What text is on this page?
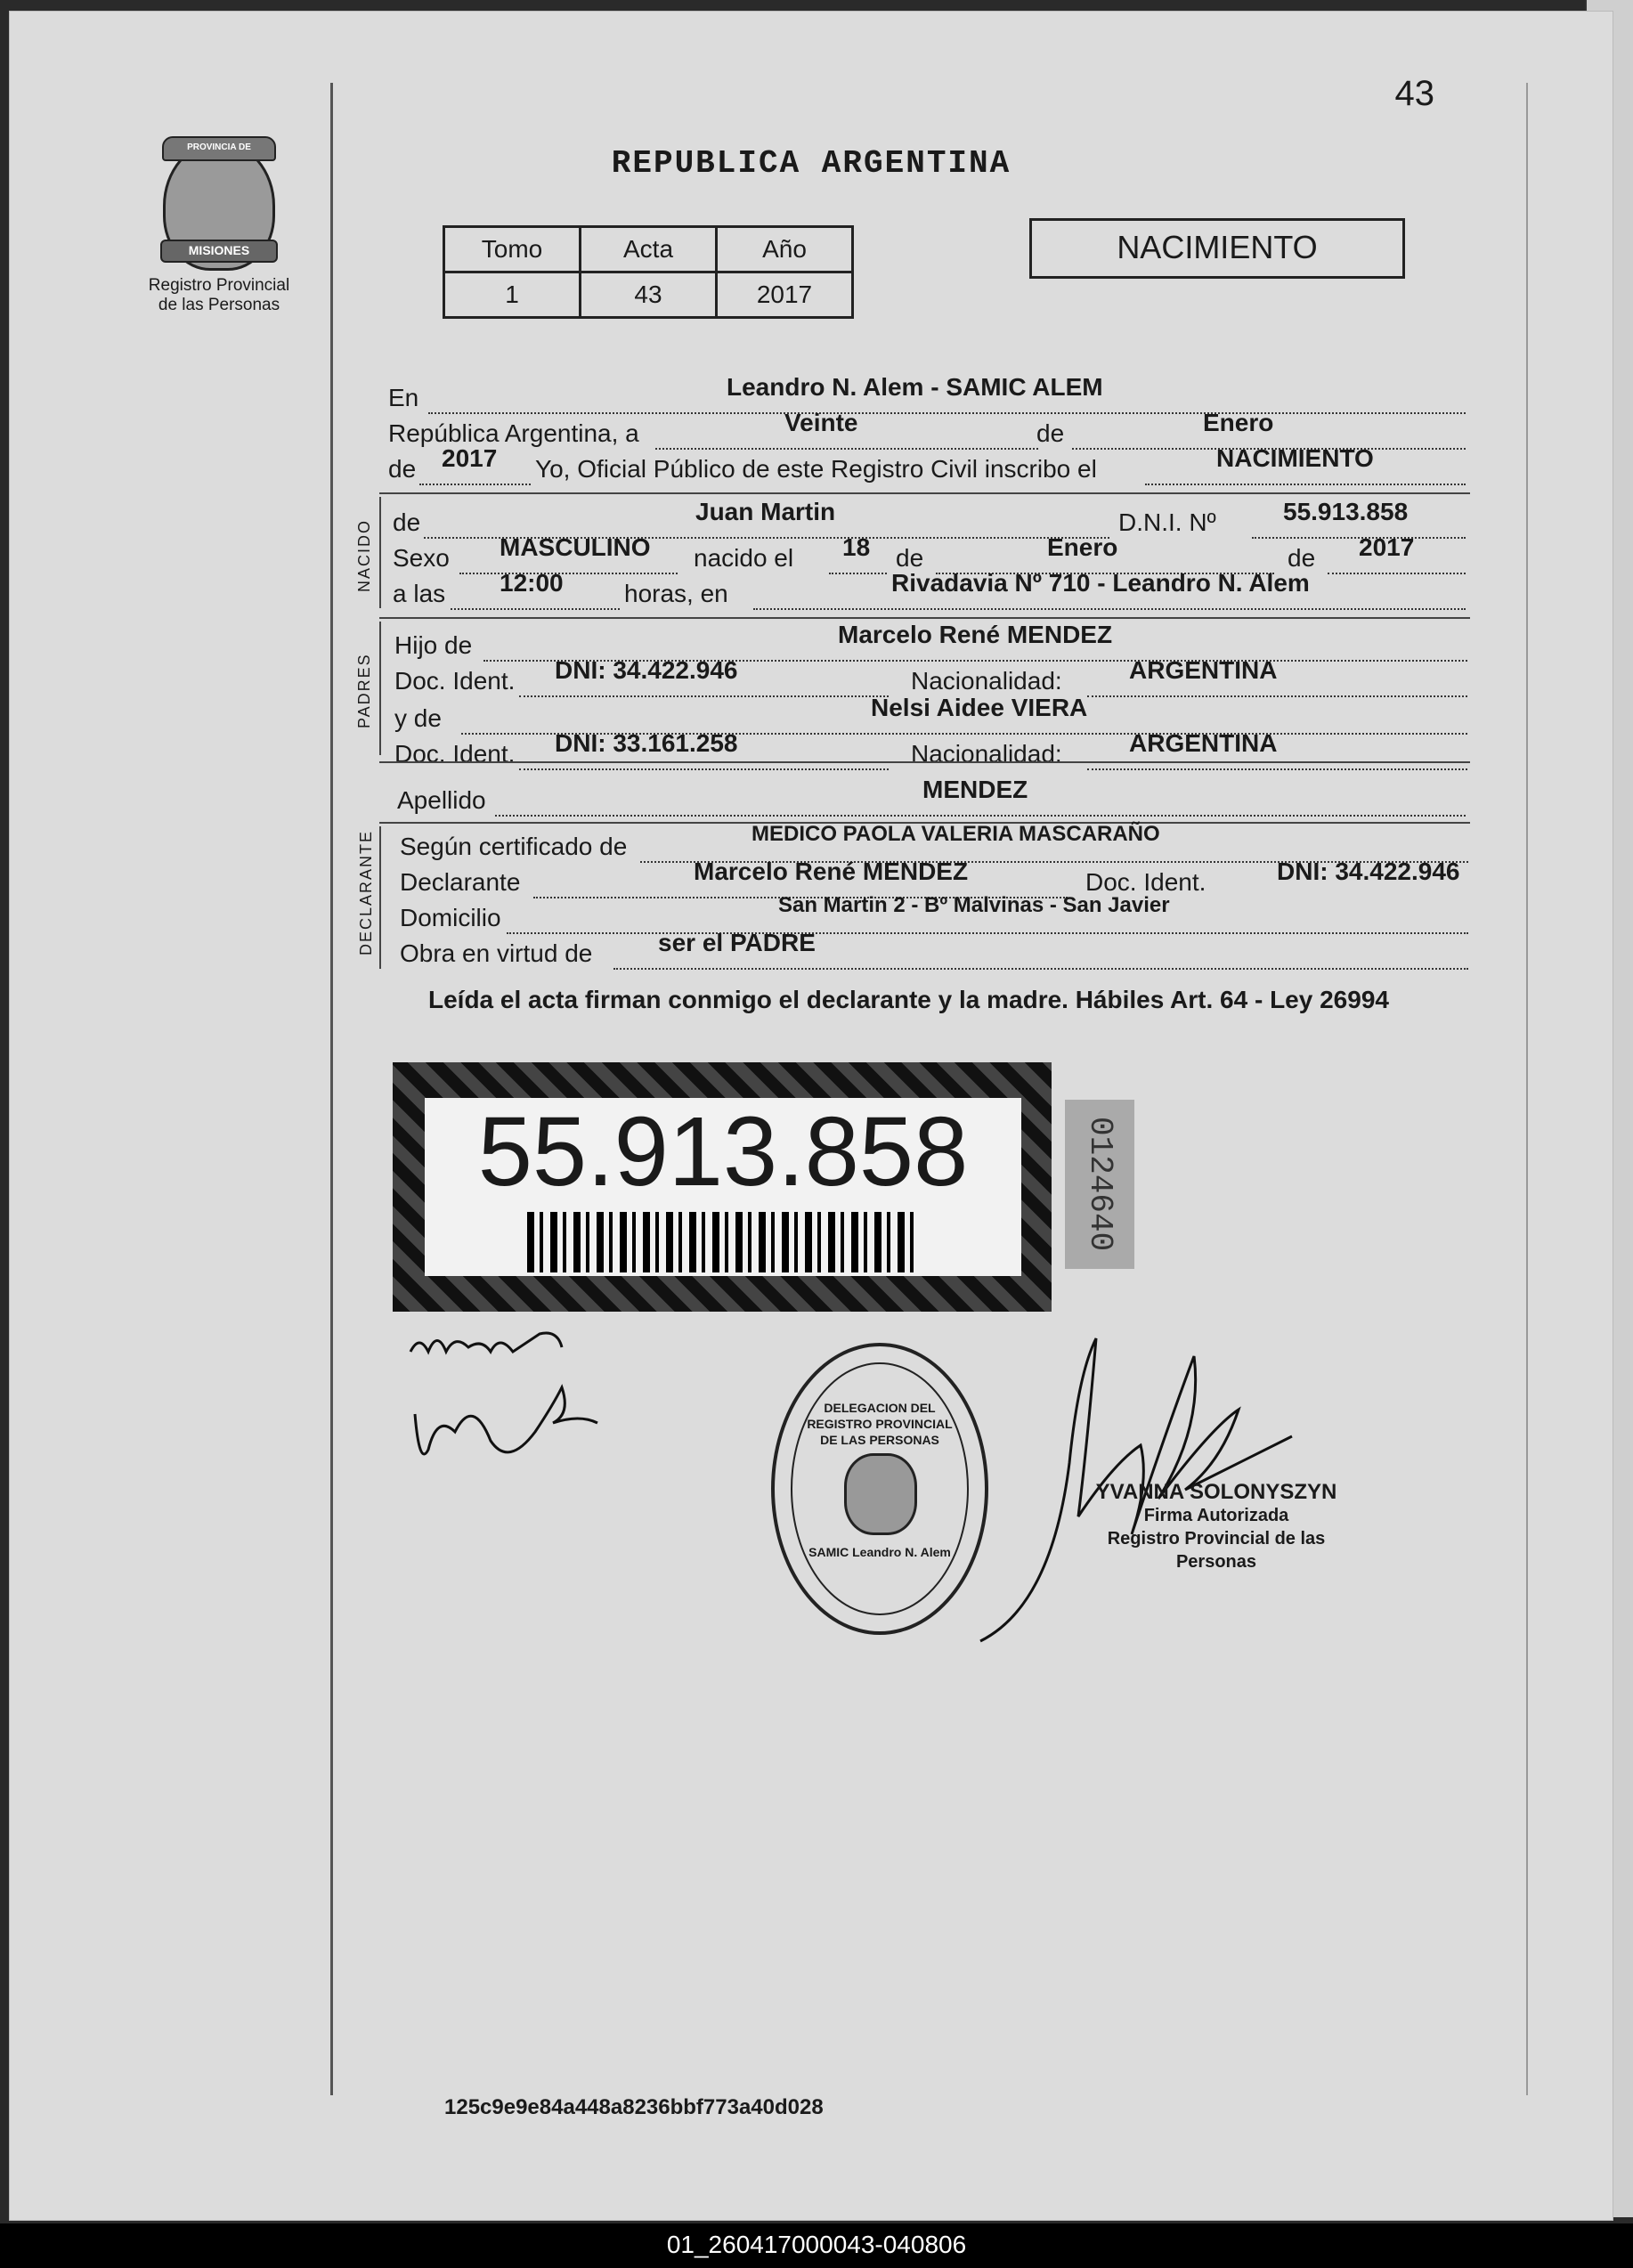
43
PROVINCIA DE
MISIONES
Registro Provincial de las Personas
REPUBLICA ARGENTINA
Tomo	Acta	Año
1	43	2017
NACIMIENTO
En	Leandro N. Alem - SAMIC ALEM
República Argentina, a	Veinte	de	Enero
de 2017 Yo, Oficial Público de este Registro Civil inscribo el	NACIMIENTO
NACIDO de	Juan Martin	D.N.I. Nº	55.913.858
Sexo MASCULINO nacido el 18 de	Enero	de 2017
a las 12:00 horas, en	Rivadavia Nº 710 - Leandro N. Alem
PADRES
Hijo de	Marcelo René MENDEZ
Doc. Ident. DNI: 34.422.946	Nacionalidad:	ARGENTINA
y de	Nelsi Aidee VIERA
Doc. Ident. DNI: 33.161.258	Nacionalidad:	ARGENTINA
Apellido	MENDEZ
DECLARANTE Según certificado de	MEDICO PAOLA VALERIA MASCARAÑO
Declarante	Marcelo René MENDEZ	Doc. Ident.	DNI: 34.422.946
Domicilio	San Martin 2 - Bº Malvinas - San Javier
Obra en virtud de	ser el PADRE
Leída el acta firman conmigo el declarante y la madre. Hábiles Art. 64 - Ley 26994
55.913.858	0124640
DELEGACION DEL REGISTRO PROVINCIAL DE LAS PERSONAS
SAMIC Leandro N. Alem
YVANNA SOLONYSZYN
Firma Autorizada
Registro Provincial de las Personas
125c9e9e84a448a8236bbf773a40d028
01_260417000043-040806
